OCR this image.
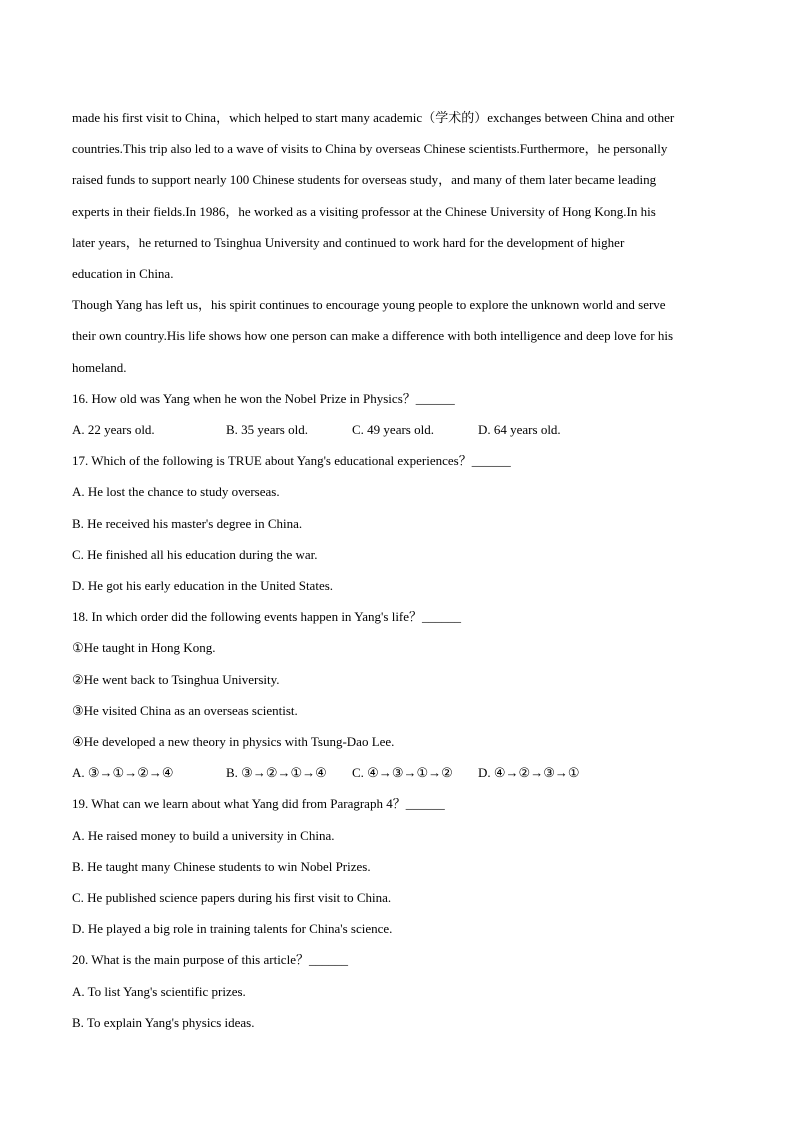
made his first visit to China，which helped to start many academic（学术的）exchanges between China and other
countries.This trip also led to a wave of visits to China by overseas Chinese scientists.Furthermore，he personally
raised funds to support nearly 100 Chinese students for overseas study，and many of them later became leading
experts in their fields.In 1986，he worked as a visiting professor at the Chinese University of Hong Kong.In his
later years，he returned to Tsinghua University and continued to work hard for the development of higher
education in China.
Though Yang has left us，his spirit continues to encourage young people to explore the unknown world and serve
their own country.His life shows how one person can make a difference with both intelligence and deep love for his
homeland.
16. How old was Yang when he won the Nobel Prize in Physics？______
A. 22 years old.	B. 35 years old.	C. 49 years old.	D. 64 years old.
17. Which of the following is TRUE about Yang's educational experiences？______
A. He lost the chance to study overseas.
B. He received his master's degree in China.
C. He finished all his education during the war.
D. He got his early education in the United States.
18. In which order did the following events happen in Yang's life？______
①He taught in Hong Kong.
②He went back to Tsinghua University.
③He visited China as an overseas scientist.
④He developed a new theory in physics with Tsung-Dao Lee.
A. ③→①→②→④	B. ③→②→①→④	C. ④→③→①→②	D. ④→②→③→①
19. What can we learn about what Yang did from Paragraph 4？______
A. He raised money to build a university in China.
B. He taught many Chinese students to win Nobel Prizes.
C. He published science papers during his first visit to China.
D. He played a big role in training talents for China's science.
20. What is the main purpose of this article？______
A. To list Yang's scientific prizes.
B. To explain Yang's physics ideas.
